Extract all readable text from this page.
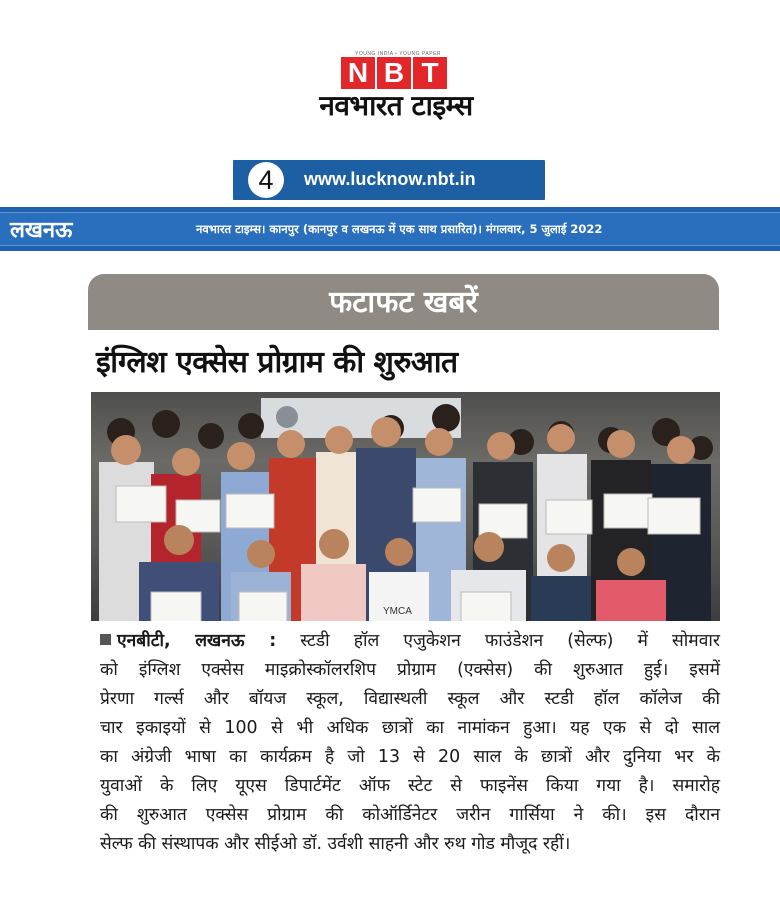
YOUNG INDIA • YOUNG PAPER
N B T
नवभारत टाइम्स
4	www.lucknow.nbt.in
लखनऊ	नवभारत टाइम्स। कानपुर (कानपुर व लखनऊ में एक साथ प्रसारित)। मंगलवार, 5 जुलाई 2022
फटाफट खबरें
इंग्लिश एक्सेस प्रोग्राम की शुरुआत
YMCA

एनबीटी, लखनऊ : स्टडी हॉल एजुकेशन फाउंडेशन (सेल्फ) में सोमवार

को इंग्लिश एक्सेस माइक्रोस्कॉलरशिप प्रोग्राम (एक्सेस) की शुरुआत हुई। इसमें

प्रेरणा गर्ल्स और बॉयज स्कूल, विद्यास्थली स्कूल और स्टडी हॉल कॉलेज की

चार इकाइयों से 100 से भी अधिक छात्रों का नामांकन हुआ। यह एक से दो साल

का अंग्रेजी भाषा का कार्यक्रम है जो 13 से 20 साल के छात्रों और दुनिया भर के

युवाओं के लिए यूएस डिपार्टमेंट ऑफ स्टेट से फाइनेंस किया गया है। समारोह

की शुरुआत एक्सेस प्रोग्राम की कोऑर्डिनेटर जरीन गार्सिया ने की। इस दौरान

सेल्फ की संस्थापक और सीईओ डॉ. उर्वशी साहनी और रुथ गोड मौजूद रहीं।
